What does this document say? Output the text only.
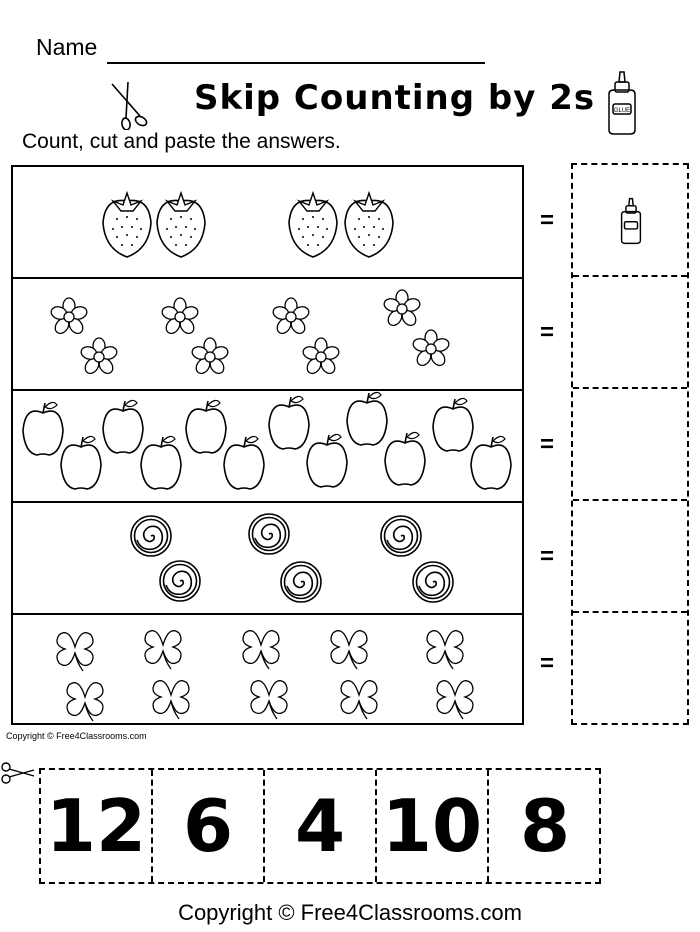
Name
Skip Counting by 2s	GLUE
Count, cut and paste the answers.
=
=
=
=
=
Copyright © Free4Classrooms.com
12 6 4 10 8
Copyright © Free4Classrooms.com
